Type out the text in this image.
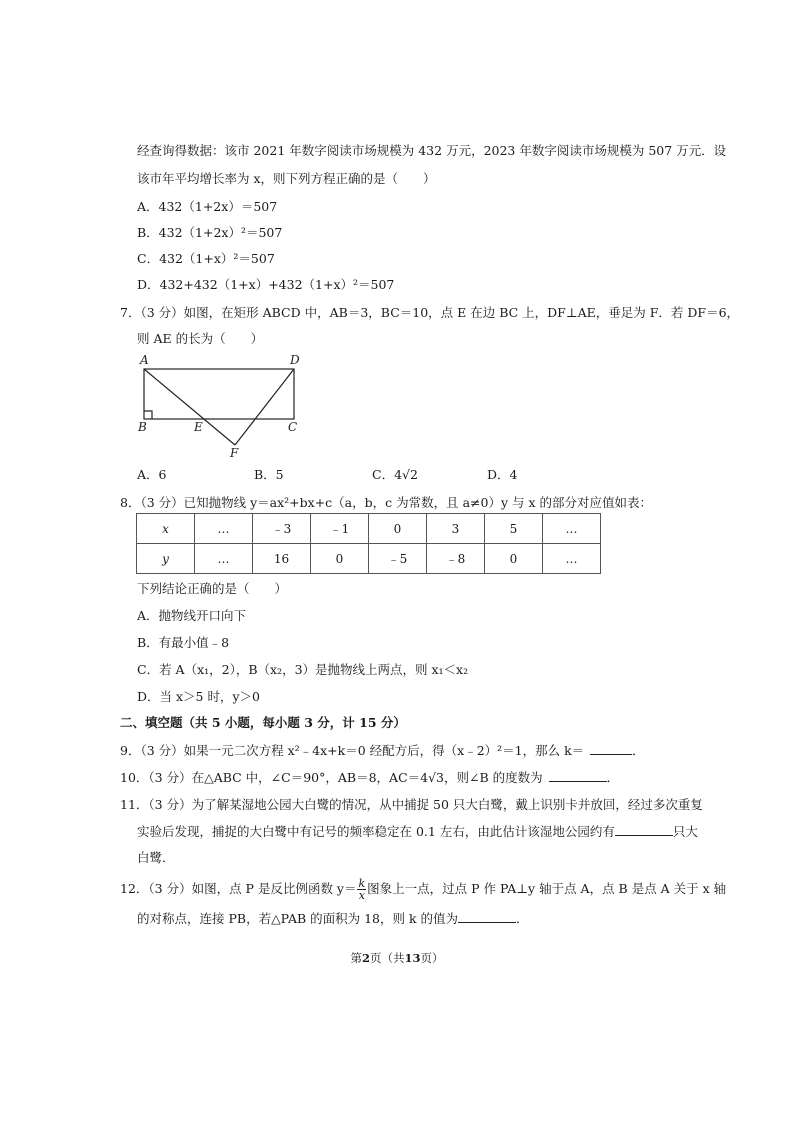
经查询得数据：该市 2021 年数字阅读市场规模为 432 万元，2023 年数字阅读市场规模为 507 万元．设
该市年平均增长率为 x，则下列方程正确的是（　　）
A．432（1+2x）＝507
B．432（1+2x）²＝507
C．432（1+x）²＝507
D．432+432（1+x）+432（1+x）²＝507
7．（3 分）如图，在矩形 ABCD 中，AB＝3，BC＝10，点 E 在边 BC 上，DF⊥AE，垂足为 F．若 DF＝6，
则 AE 的长为（　　）
A	D
B	E	C
F
A．6	B．5	C．4√2	D．4
8．（3 分）已知抛物线 y＝ax²+bx+c（a，b，c 为常数，且 a≠0）y 与 x 的部分对应值如表：
x	…	﹣3	﹣1	0	3	5	…
y	…	16	0	﹣5	﹣8	0	…
下列结论正确的是（　　）
A．抛物线开口向下
B．有最小值﹣8
C．若 A（x₁，2），B（x₂，3）是抛物线上两点，则 x₁＜x₂
D．当 x＞5 时，y＞0
二、填空题（共 5 小题，每小题 3 分，计 15 分）
9．（3 分）如果一元二次方程 x²﹣4x+k＝0 经配方后，得（x﹣2）²＝1，那么 k＝	．
10．（3 分）在△ABC 中，∠C＝90°，AB＝8，AC＝4√3，则∠B 的度数为	．
11．（3 分）为了解某湿地公园大白鹭的情况，从中捕捉 50 只大白鹭，戴上识别卡并放回，经过多次重复
实验后发现，捕捉的大白鹭中有记号的频率稳定在 0.1 左右，由此估计该湿地公园约有	只大
白鹭．
12．（3 分）如图，点 P 是反比例函数 $y= \frac{k}{x}$ 图象上一点，过点 P 作 PA⊥y 轴于点 A，点 B 是点 A 关于 x 轴
的对称点，连接 PB，若△PAB 的面积为 18，则 k 的值为	．
第2页（共13页）
